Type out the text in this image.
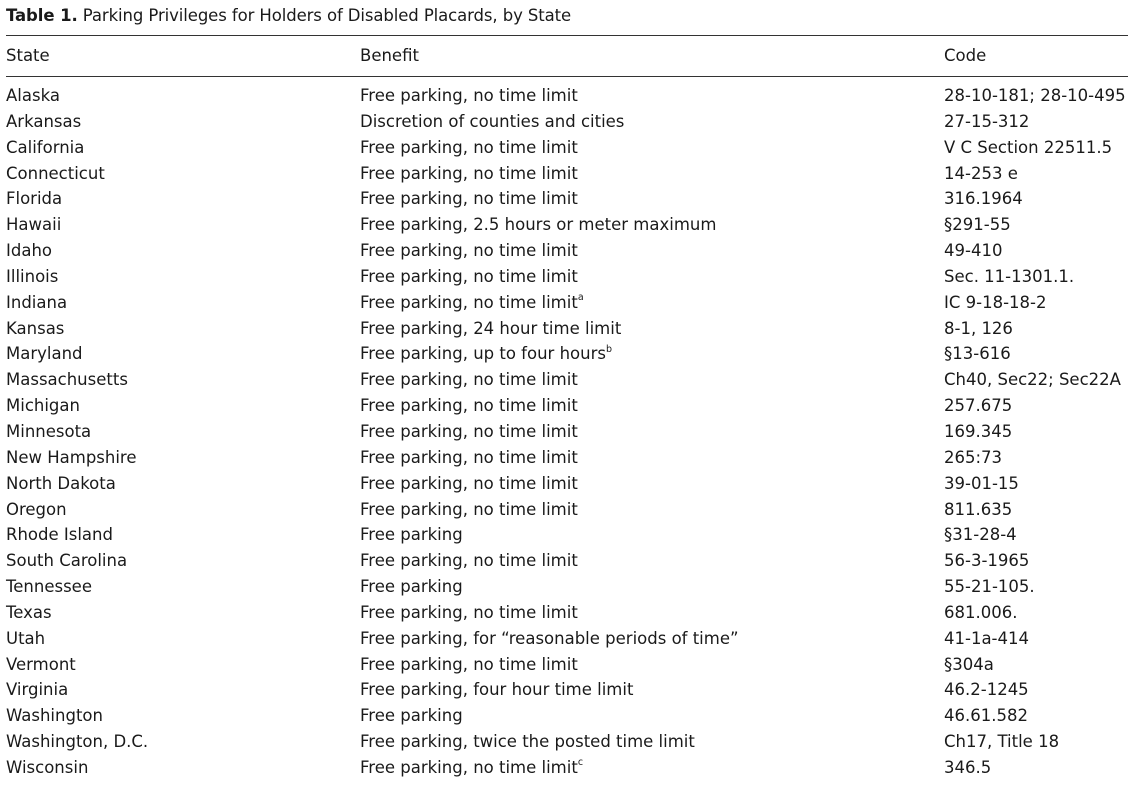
Table 1. Parking Privileges for Holders of Disabled Placards, by State
State	Benefit	Code
Alaska	Free parking, no time limit	28-10-181; 28-10-495
Arkansas	Discretion of counties and cities	27-15-312
California	Free parking, no time limit	V C Section 22511.5
Connecticut	Free parking, no time limit	14-253 e
Florida	Free parking, no time limit	316.1964
Hawaii	Free parking, 2.5 hours or meter maximum	§291-55
Idaho	Free parking, no time limit	49-410
Illinois	Free parking, no time limit	Sec. 11-1301.1.
Indiana	Free parking, no time limit$^a$	IC 9-18-18-2
Kansas	Free parking, 24 hour time limit	8-1, 126
Maryland	Free parking, up to four hours$^b$	§13-616
Massachusetts	Free parking, no time limit	Ch40, Sec22; Sec22A
Michigan	Free parking, no time limit	257.675
Minnesota	Free parking, no time limit	169.345
New Hampshire	Free parking, no time limit	265:73
North Dakota	Free parking, no time limit	39-01-15
Oregon	Free parking, no time limit	811.635
Rhode Island	Free parking	§31-28-4
South Carolina	Free parking, no time limit	56-3-1965
Tennessee	Free parking	55-21-105.
Texas	Free parking, no time limit	681.006.
Utah	Free parking, for “reasonable periods of time”	41-1a-414
Vermont	Free parking, no time limit	§304a
Virginia	Free parking, four hour time limit	46.2-1245
Washington	Free parking	46.61.582
Washington, D.C.	Free parking, twice the posted time limit	Ch17, Title 18
Wisconsin	Free parking, no time limit$^c$	346.5
